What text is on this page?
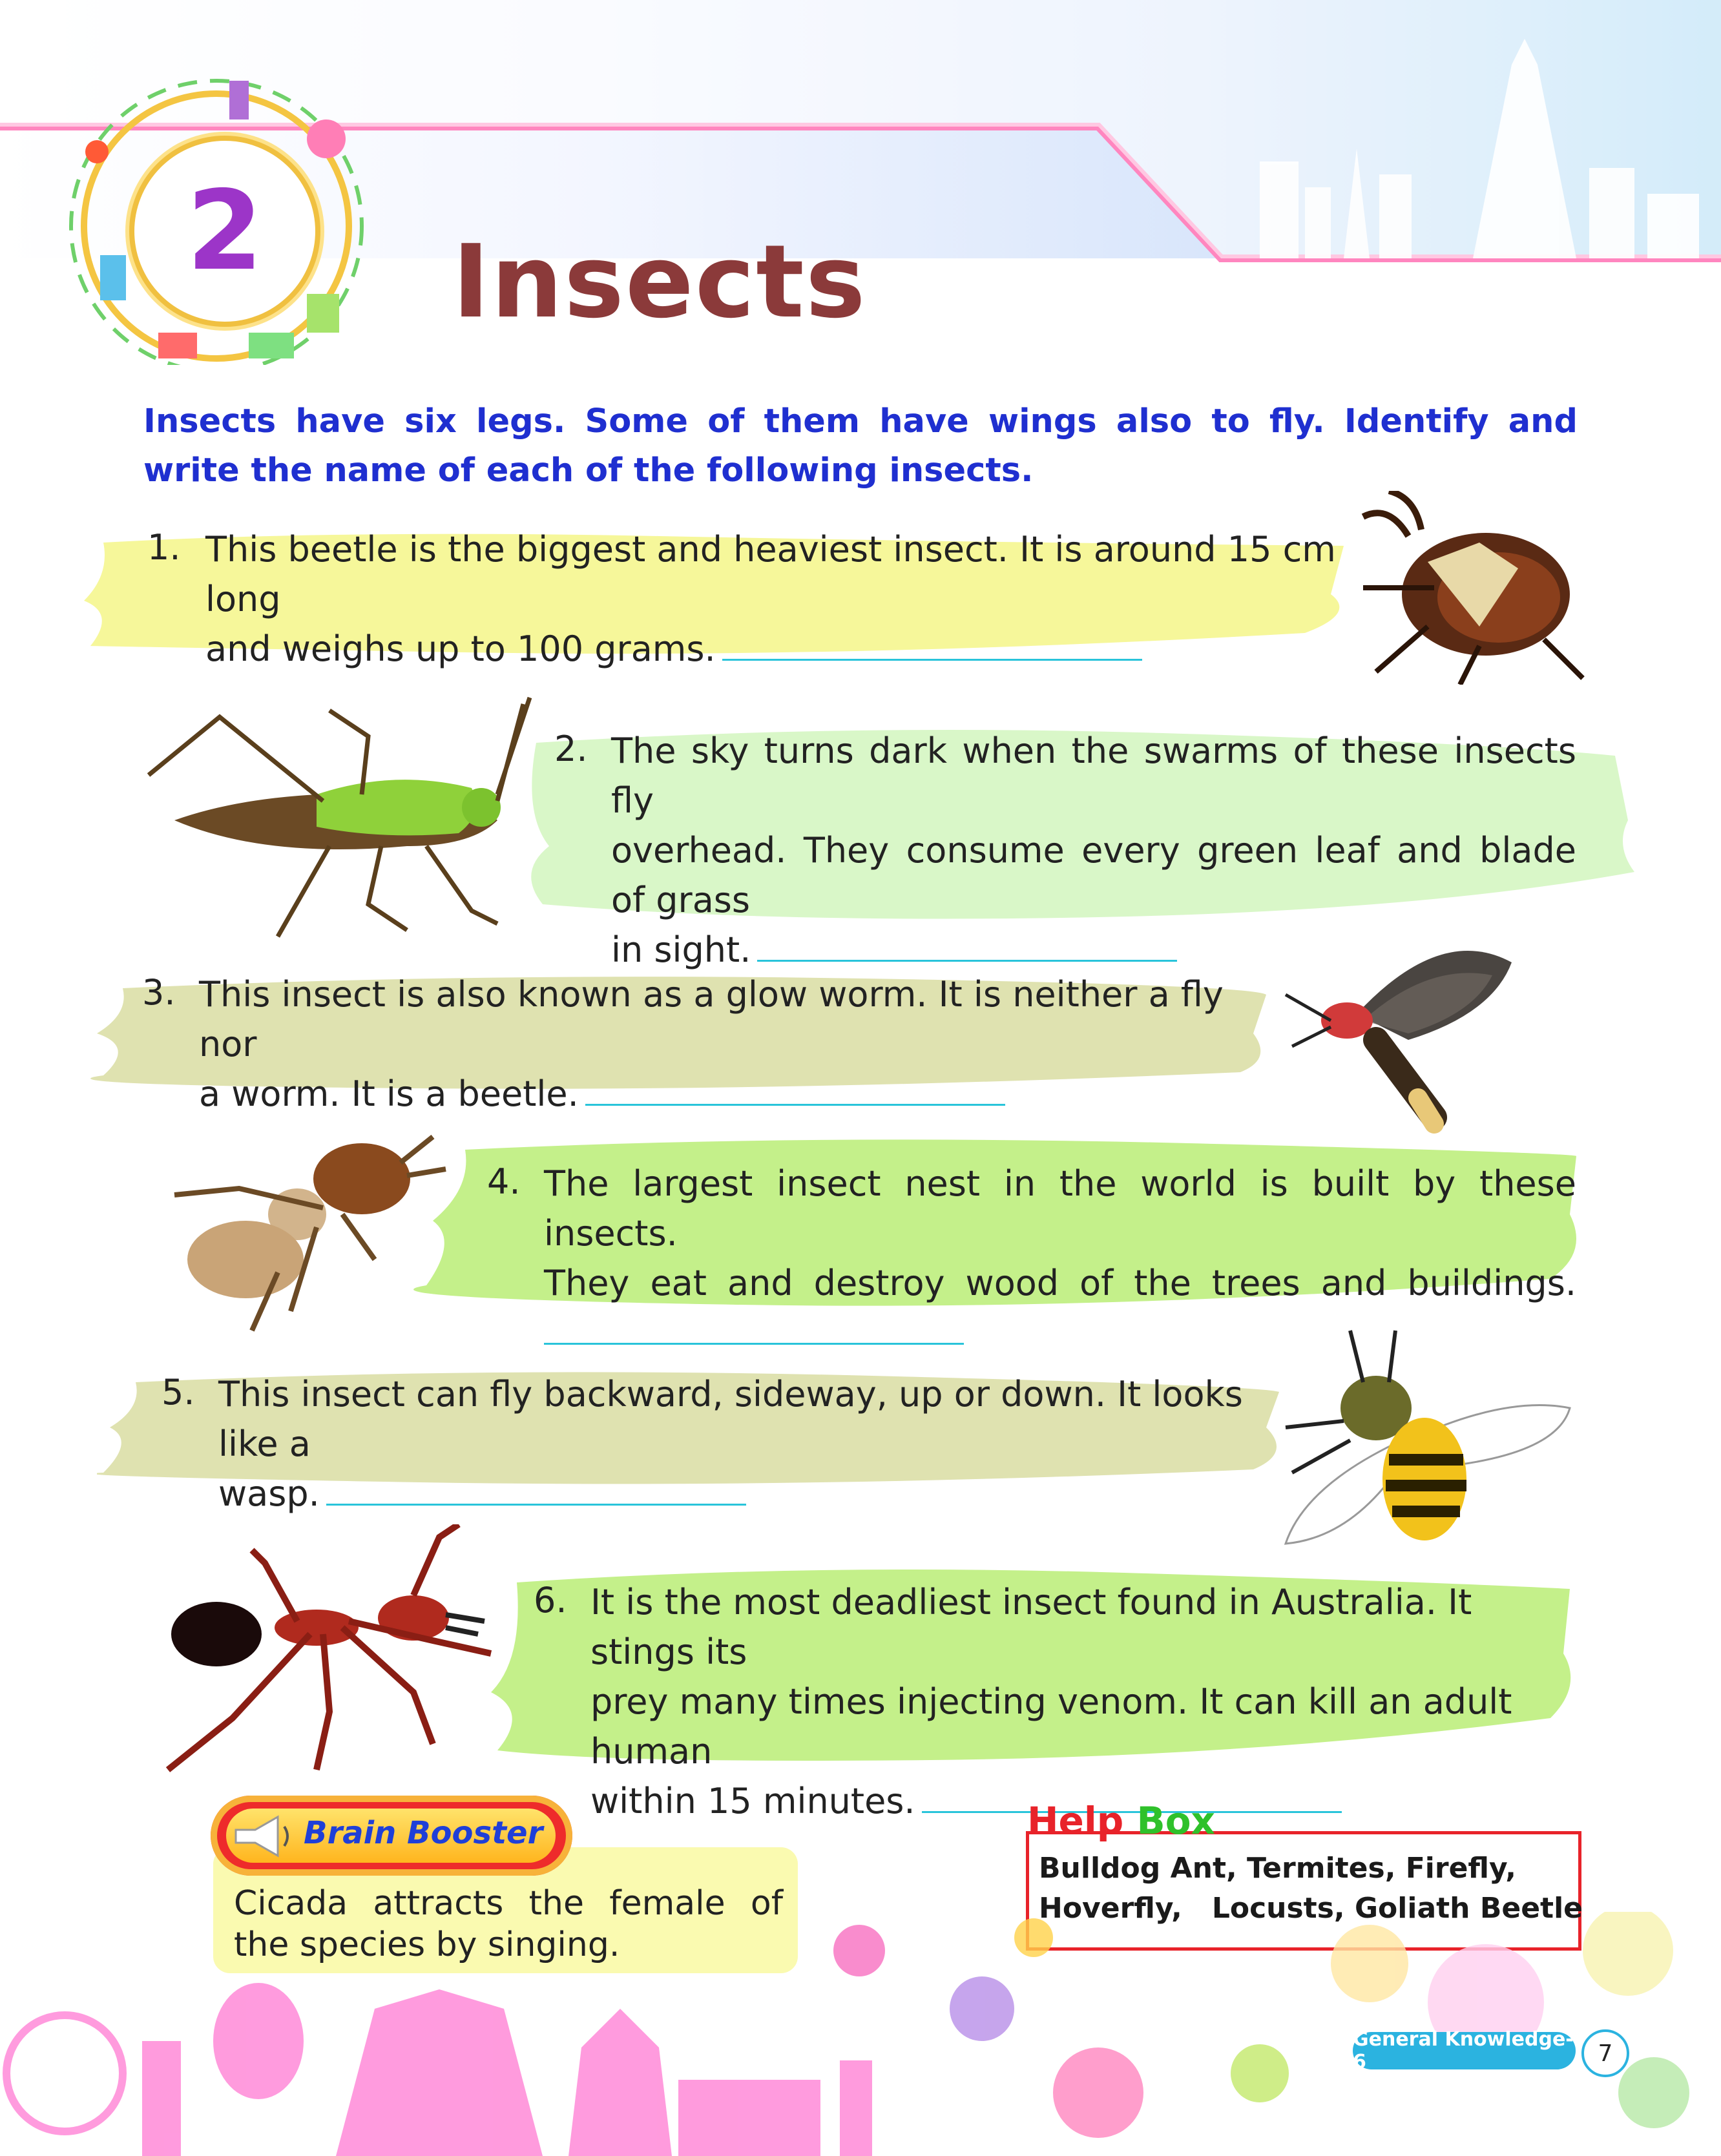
2	Insects
Insects have six legs. Some of them have wings also to fly. Identify and write the name of each of the following insects.
1. This beetle is the biggest and heaviest insect. It is around 15 cm long
and weighs up to 100 grams.
2. The sky turns dark when the swarms of these insects fly
overhead. They consume every green leaf and blade of grass
in sight.
3. This insect is also known as a glow worm. It is neither a fly nor
a worm. It is a beetle.
4. The largest insect nest in the world is built by these insects.
They eat and destroy wood of the trees and buildings.
5. This insect can fly backward, sideway, up or down. It looks like a
wasp.
6. It is the most deadliest insect found in Australia. It stings its
prey many times injecting venom. It can kill an adult human
within 15 minutes.
Brain Booster
Cicada attracts the female of the species by singing.
Help Box
Bulldog Ant, Termites, Firefly,
Hoverfly,   Locusts, Goliath Beetle
General Knowledge-6	7
